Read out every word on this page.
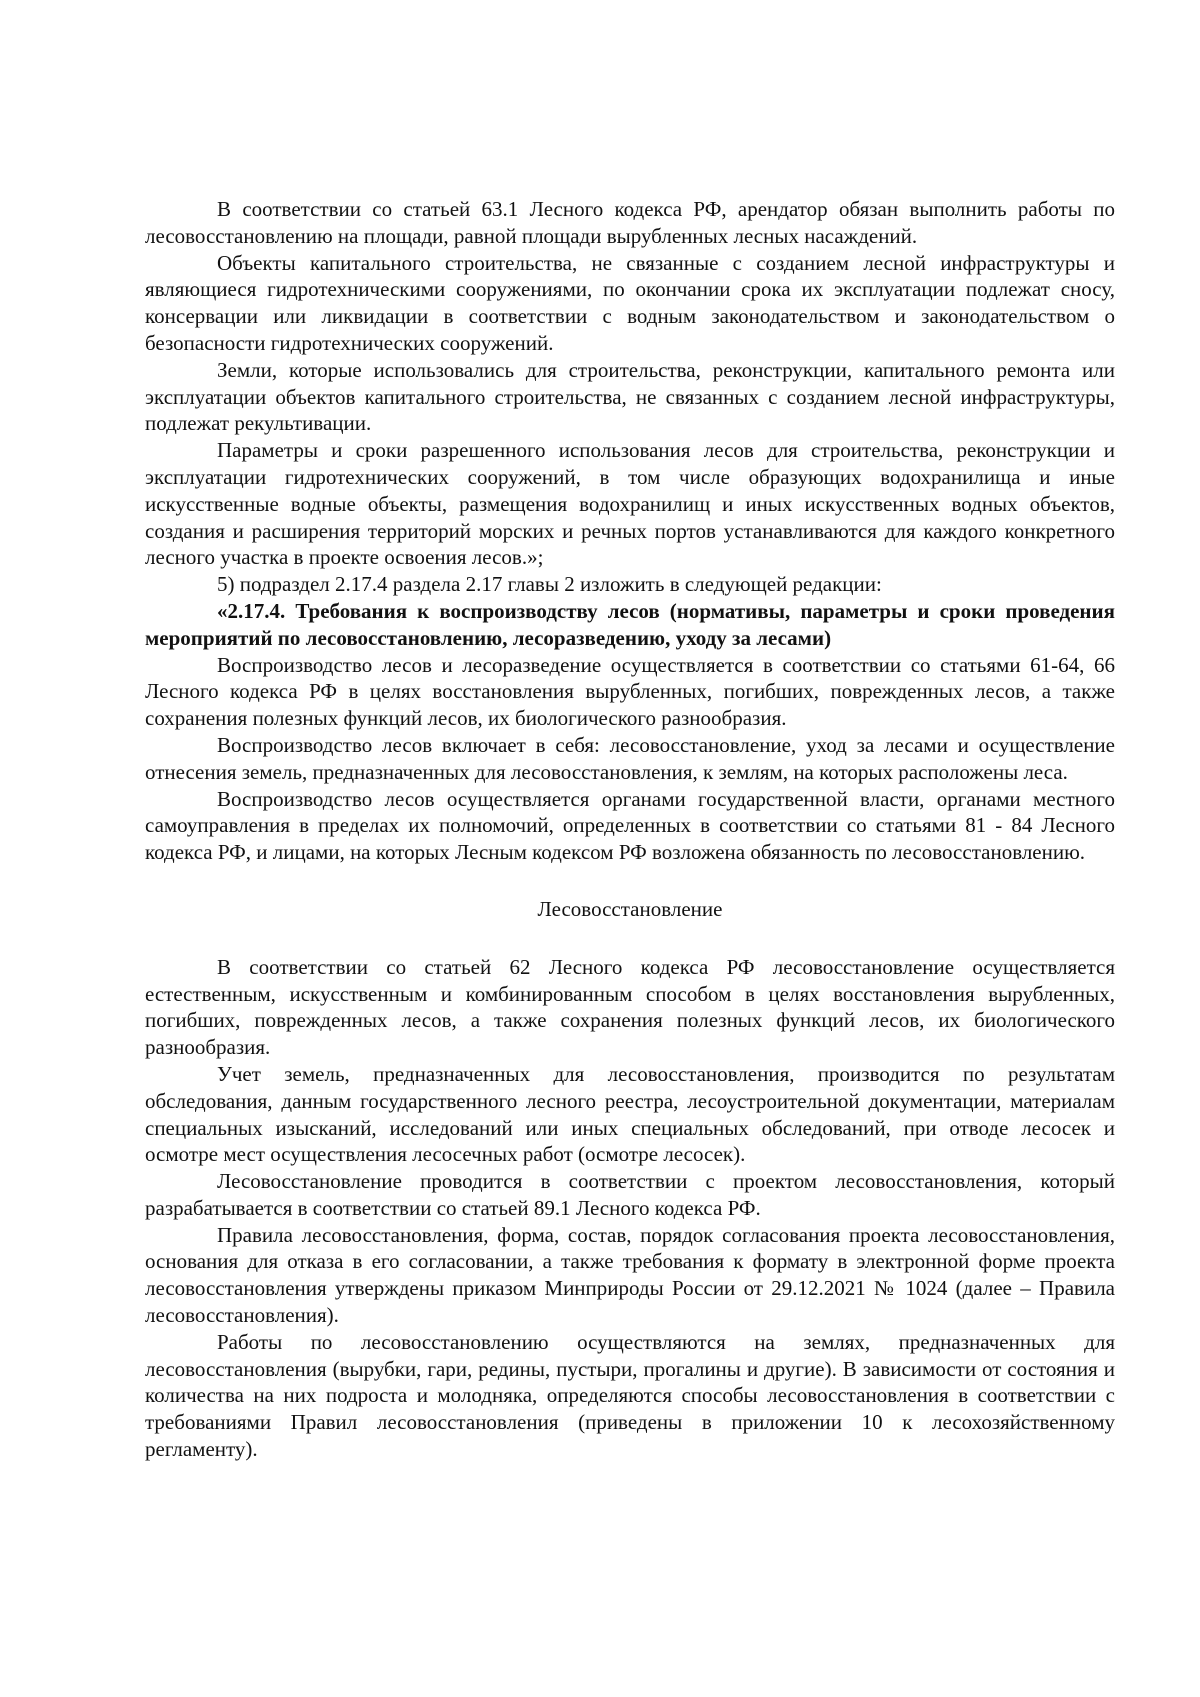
В соответствии со статьей 63.1 Лесного кодекса РФ, арендатор обязан выполнить работы по лесовосстановлению на площади, равной площади вырубленных лесных насаждений.

Объекты капитального строительства, не связанные с созданием лесной инфраструктуры и являющиеся гидротехническими сооружениями, по окончании срока их эксплуатации подлежат сносу, консервации или ликвидации в соответствии с водным законодательством и законодательством о безопасности гидротехнических сооружений.

Земли, которые использовались для строительства, реконструкции, капитального ремонта или эксплуатации объектов капитального строительства, не связанных с созданием лесной инфраструктуры, подлежат рекультивации.

Параметры и сроки разрешенного использования лесов для строительства, реконструкции и эксплуатации гидротехнических сооружений, в том числе образующих водохранилища и иные искусственные водные объекты, размещения водохранилищ и иных искусственных водных объектов, создания и расширения территорий морских и речных портов устанавливаются для каждого конкретного лесного участка в проекте освоения лесов.»;

5) подраздел 2.17.4 раздела 2.17 главы 2 изложить в следующей редакции:

«2.17.4. Требования к воспроизводству лесов (нормативы, параметры и сроки проведения мероприятий по лесовосстановлению, лесоразведению, уходу за лесами)

Воспроизводство лесов и лесоразведение осуществляется в соответствии со статьями 61-64, 66 Лесного кодекса РФ в целях восстановления вырубленных, погибших, поврежденных лесов, а также сохранения полезных функций лесов, их биологического разнообразия.

Воспроизводство лесов включает в себя: лесовосстановление, уход за лесами и осуществление отнесения земель, предназначенных для лесовосстановления, к землям, на которых расположены леса.

Воспроизводство лесов осуществляется органами государственной власти, органами местного самоуправления в пределах их полномочий, определенных в соответствии со статьями 81 - 84 Лесного кодекса РФ, и лицами, на которых Лесным кодексом РФ возложена обязанность по лесовосстановлению.

Лесовосстановление

В соответствии со статьей 62 Лесного кодекса РФ лесовосстановление осуществляется естественным, искусственным и комбинированным способом в целях восстановления вырубленных, погибших, поврежденных лесов, а также сохранения полезных функций лесов, их биологического разнообразия.

Учет земель, предназначенных для лесовосстановления, производится по результатам обследования, данным государственного лесного реестра, лесоустроительной документации, материалам специальных изысканий, исследований или иных специальных обследований, при отводе лесосек и осмотре мест осуществления лесосечных работ (осмотре лесосек).

Лесовосстановление проводится в соответствии с проектом лесовосстановления, который разрабатывается в соответствии со статьей 89.1 Лесного кодекса РФ.

Правила лесовосстановления, форма, состав, порядок согласования проекта лесовосстановления, основания для отказа в его согласовании, а также требования к формату в электронной форме проекта лесовосстановления утверждены приказом Минприроды России от 29.12.2021 № 1024 (далее – Правила лесовосстановления).

Работы по лесовосстановлению осуществляются на землях, предназначенных для лесовосстановления (вырубки, гари, редины, пустыри, прогалины и другие). В зависимости от состояния и количества на них подроста и молодняка, определяются способы лесовосстановления в соответствии с требованиями Правил лесовосстановления (приведены в приложении 10 к лесохозяйственному регламенту).
